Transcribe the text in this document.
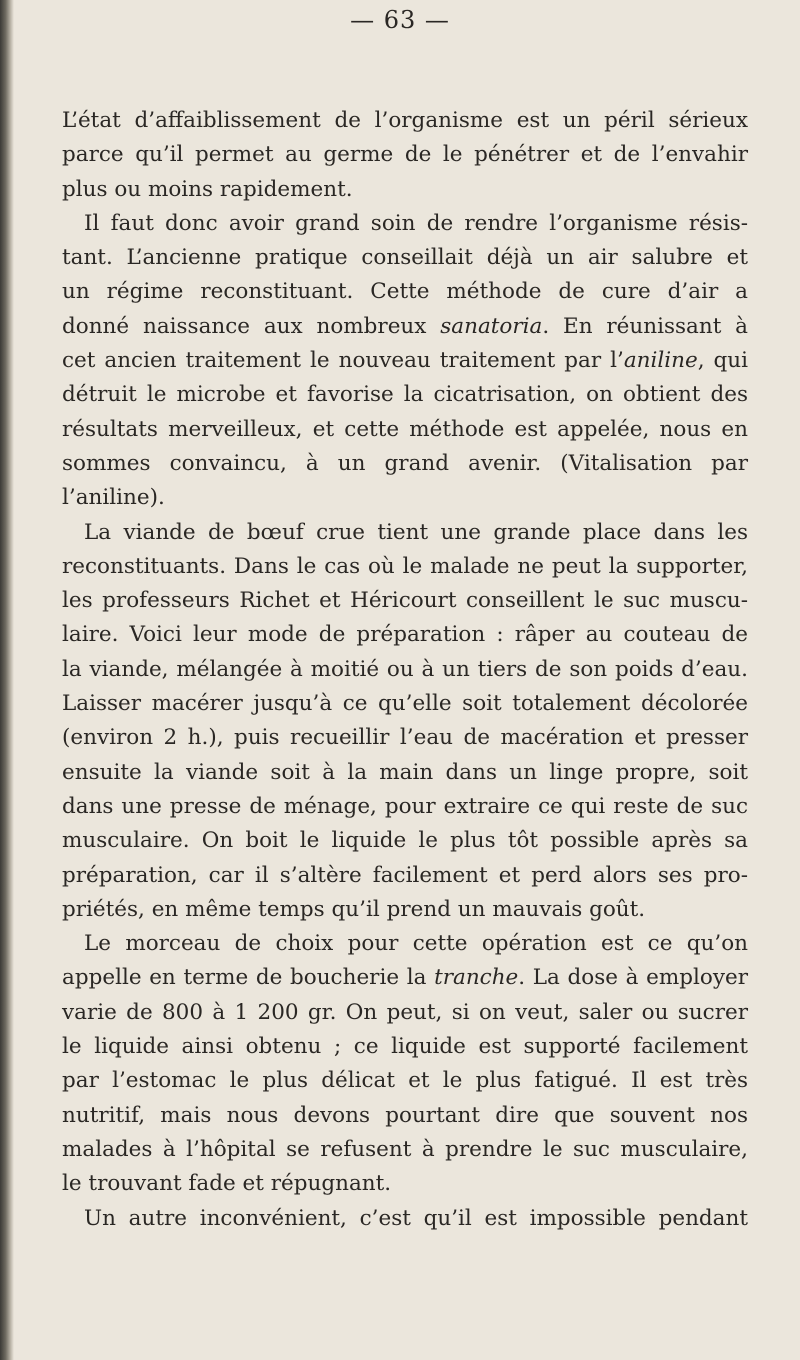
— 63 —

L’état d’affaiblissement de l’organisme est un péril sérieux
parce qu’il permet au germe de le pénétrer et de l’envahir
plus ou moins rapidement.

Il faut donc avoir grand soin de rendre l’organisme résis-
tant. L’ancienne pratique conseillait déjà un air salubre et
un régime reconstituant. Cette méthode de cure d’air a
donné naissance aux nombreux sanatoria. En réunissant à
cet ancien traitement le nouveau traitement par l’aniline, qui
détruit le microbe et favorise la cicatrisation, on obtient des
résultats merveilleux, et cette méthode est appelée, nous en
sommes convaincu, à un grand avenir. (Vitalisation par
l’aniline).

La viande de bœuf crue tient une grande place dans les
reconstituants. Dans le cas où le malade ne peut la supporter,
les professeurs Richet et Héricourt conseillent le suc muscu-
laire. Voici leur mode de préparation : râper au couteau de
la viande, mélangée à moitié ou à un tiers de son poids d’eau.
Laisser macérer jusqu’à ce qu’elle soit totalement décolorée
(environ 2 h.), puis recueillir l’eau de macération et presser
ensuite la viande soit à la main dans un linge propre, soit
dans une presse de ménage, pour extraire ce qui reste de suc
musculaire. On boit le liquide le plus tôt possible après sa
préparation, car il s’altère facilement et perd alors ses pro-
priétés, en même temps qu’il prend un mauvais goût.

Le morceau de choix pour cette opération est ce qu’on
appelle en terme de boucherie la tranche. La dose à employer
varie de 800 à 1 200 gr. On peut, si on veut, saler ou sucrer
le liquide ainsi obtenu ; ce liquide est supporté facilement
par l’estomac le plus délicat et le plus fatigué. Il est très
nutritif, mais nous devons pourtant dire que souvent nos
malades à l’hôpital se refusent à prendre le suc musculaire,
le trouvant fade et répugnant.

Un autre inconvénient, c’est qu’il est impossible pendant
